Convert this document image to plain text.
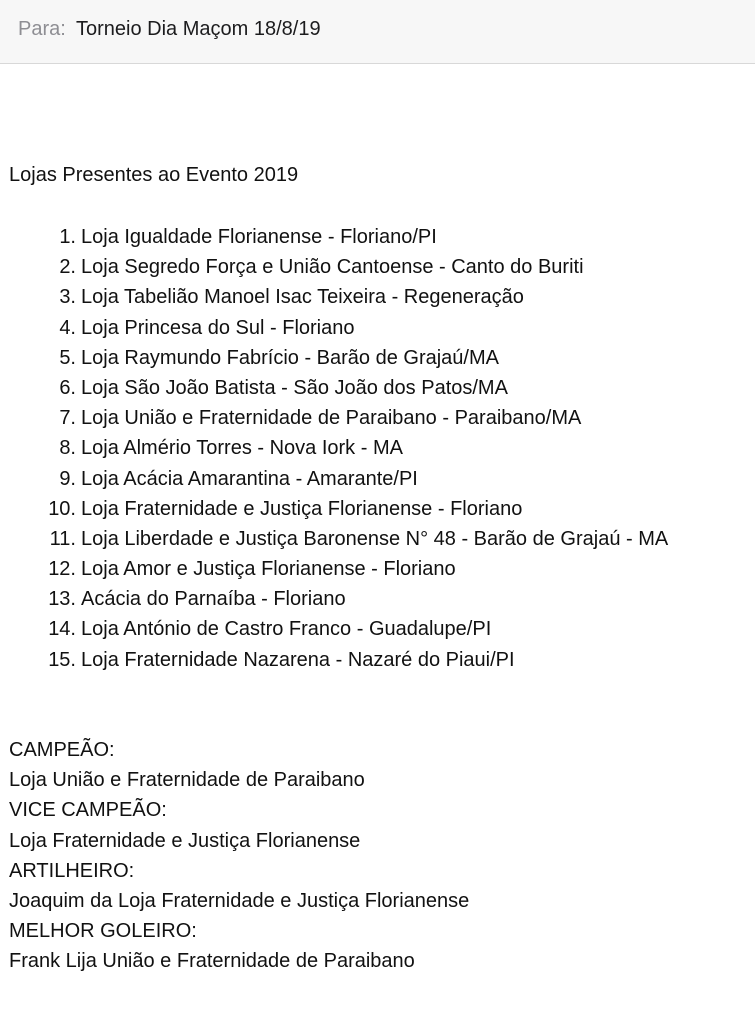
Para: Torneio Dia Maçom 18/8/19
Lojas Presentes ao Evento 2019
1. Loja Igualdade Florianense - Floriano/PI
2. Loja Segredo Força e União Cantoense - Canto do Buriti
3. Loja Tabelião Manoel Isac Teixeira - Regeneração
4. Loja Princesa do Sul - Floriano
5. Loja Raymundo Fabrício - Barão de Grajaú/MA
6. Loja São João Batista - São João dos Patos/MA
7. Loja União e Fraternidade de Paraibano - Paraibano/MA
8. Loja Almério Torres - Nova Iork - MA
9. Loja Acácia Amarantina - Amarante/PI
10. Loja Fraternidade e Justiça Florianense - Floriano
11. Loja Liberdade e Justiça Baronense N° 48 - Barão de Grajaú - MA
12. Loja Amor e Justiça Florianense - Floriano
13. Acácia do Parnaíba - Floriano
14. Loja António de Castro Franco - Guadalupe/PI
15. Loja Fraternidade Nazarena - Nazaré do Piaui/PI
CAMPEÃO:
Loja União e Fraternidade de Paraibano
VICE CAMPEÃO:
Loja Fraternidade e Justiça Florianense
ARTILHEIRO:
Joaquim da Loja Fraternidade e Justiça Florianense
MELHOR GOLEIRO:
Frank Lija União e Fraternidade de Paraibano
